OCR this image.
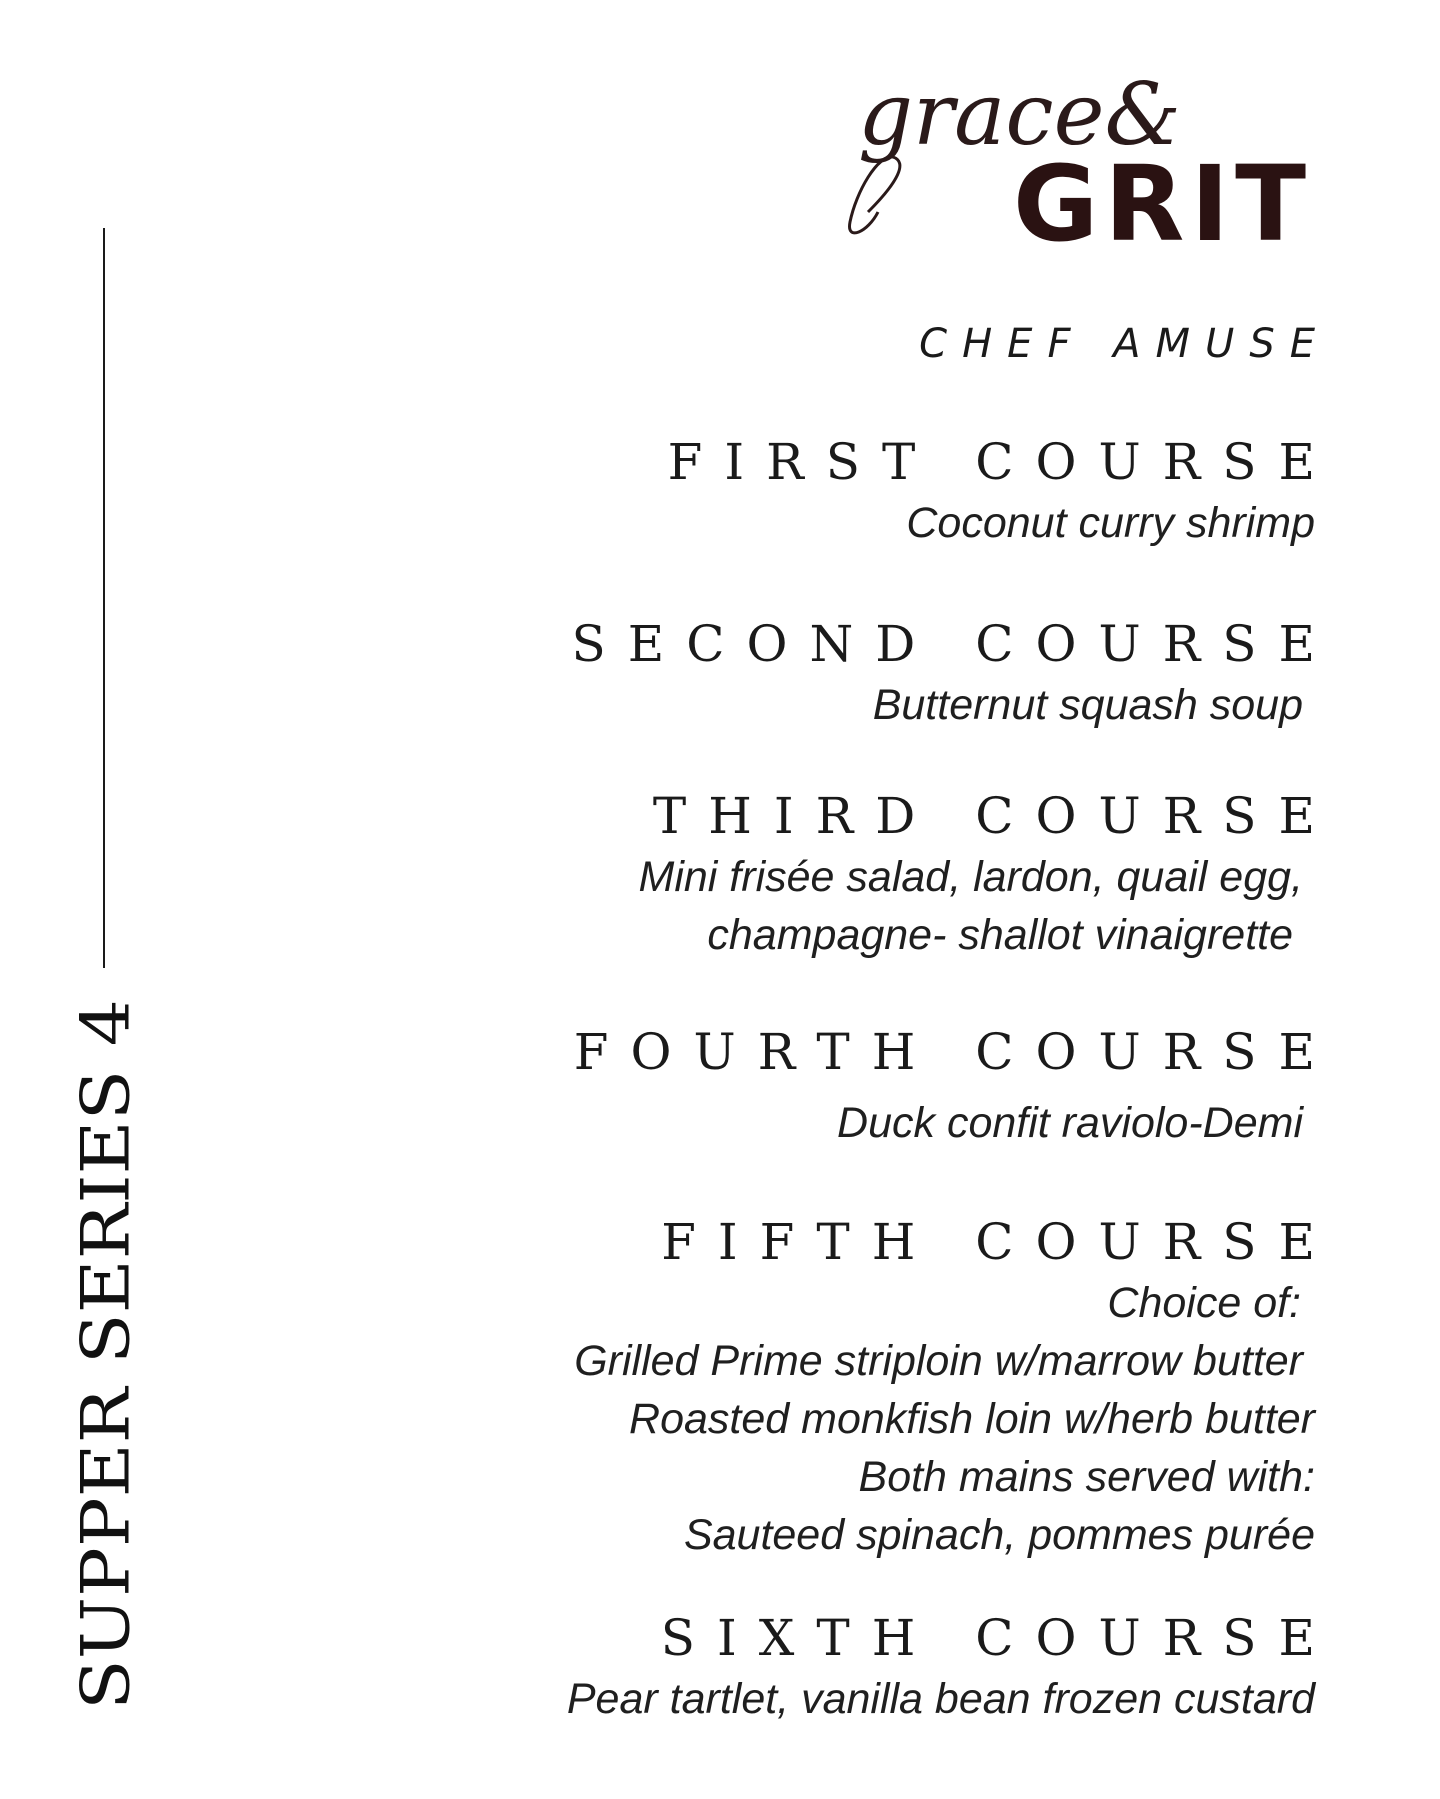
SUPPER SERIES 4
grace&
GRIT
CHEF AMUSE
FIRST COURSE
Coconut curry shrimp
SECOND COURSE
Butternut squash soup
THIRD COURSE
Mini frisée salad, lardon, quail egg,
champagne- shallot vinaigrette
FOURTH COURSE
Duck confit raviolo-Demi
FIFTH COURSE
Choice of:
Grilled Prime striploin w/marrow butter
Roasted monkfish loin w/herb butter
Both mains served with:
Sauteed spinach, pommes purée
SIXTH COURSE
Pear tartlet, vanilla bean frozen custard
